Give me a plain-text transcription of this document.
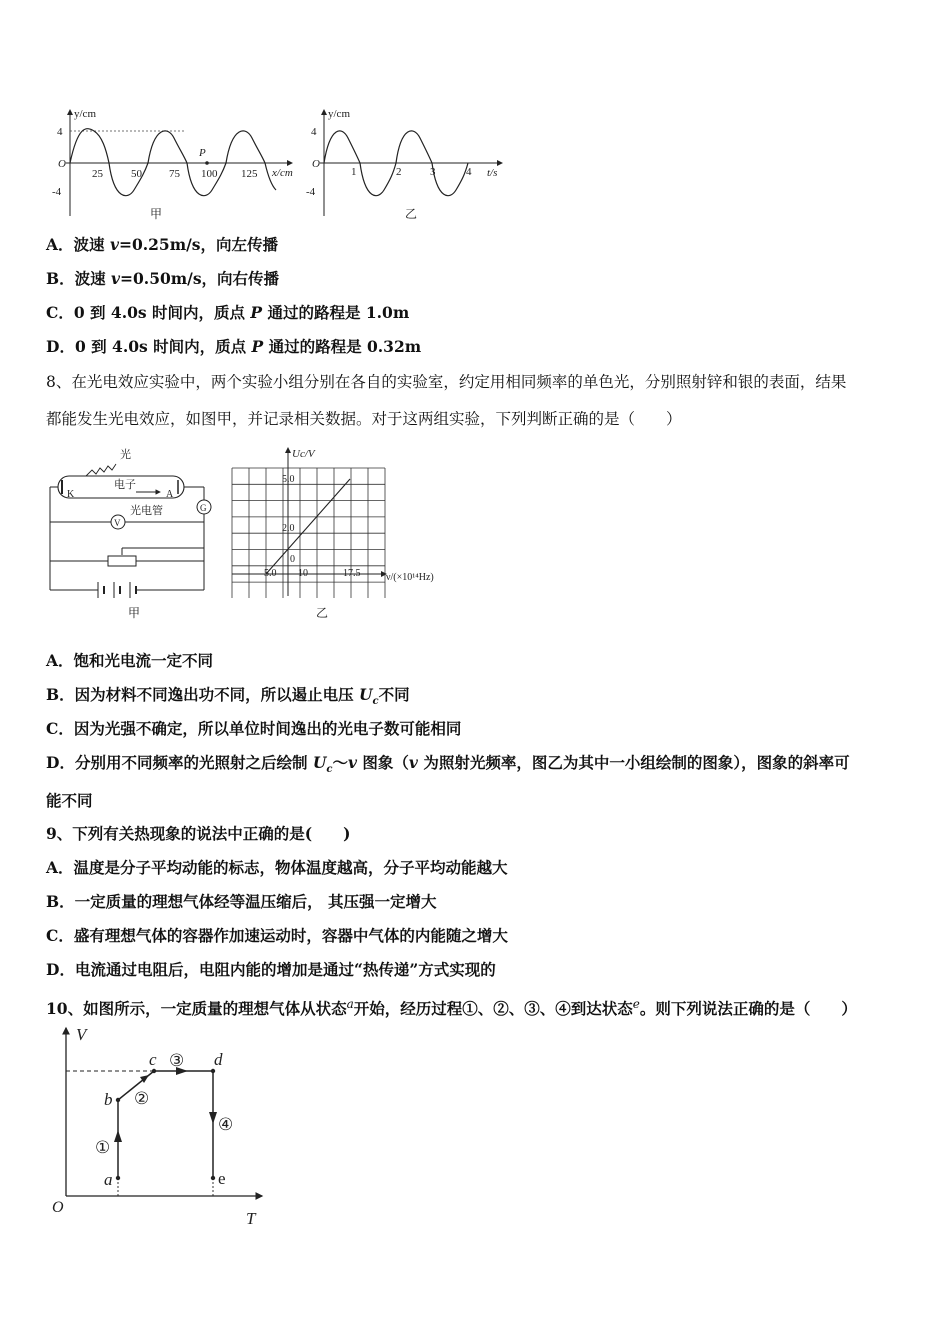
y/cm
4
-4
O
25	50 75 100 125 x/cm
P
甲
y/cm
4
-4
O
1	2	3	4 t/s
乙
A．波速 v=0.25m/s，向左传播
B．波速 v=0.50m/s，向右传播
C．0 到 4.0s 时间内，质点 P 通过的路程是 1.0m
D．0 到 4.0s 时间内，质点 P 通过的路程是 0.32m
8、在光电效应实验中，两个实验小组分别在各自的实验室，约定用相同频率的单色光，分别照射锌和银的表面，结果
都能发生光电效应，如图甲，并记录相关数据。对于这两组实验，下列判断正确的是（　　）
K	A
电子
光
光电管	G
V
甲
Uc/V
5.0
2.0
0
5.0 10	17.5	ν/(×10¹⁴Hz)
乙
A．饱和光电流一定不同
B．因为材料不同逸出功不同，所以遏止电压 $U_c$不同
C．因为光强不确定，所以单位时间逸出的光电子数可能相同
D．分别用不同频率的光照射之后绘制 $U_c\sim v$ 图象（v 为照射光频率，图乙为其中一小组绘制的图象），图象的斜率可
能不同
9、下列有关热现象的说法中正确的是(　　)
A．温度是分子平均动能的标志，物体温度越高，分子平均动能越大
B．一定质量的理想气体经等温压缩后， 其压强一定增大
C．盛有理想气体的容器作加速运动时，容器中气体的内能随之增大
D．电流通过电阻后，电阻内能的增加是通过“热传递”方式实现的
10、如图所示，一定质量的理想气体从状态$^a$开始，经历过程①、②、③、④到达状态$^e$。则下列说法正确的是（　　）
V
T
O
a
b
c	d
e
①
②
③
④
